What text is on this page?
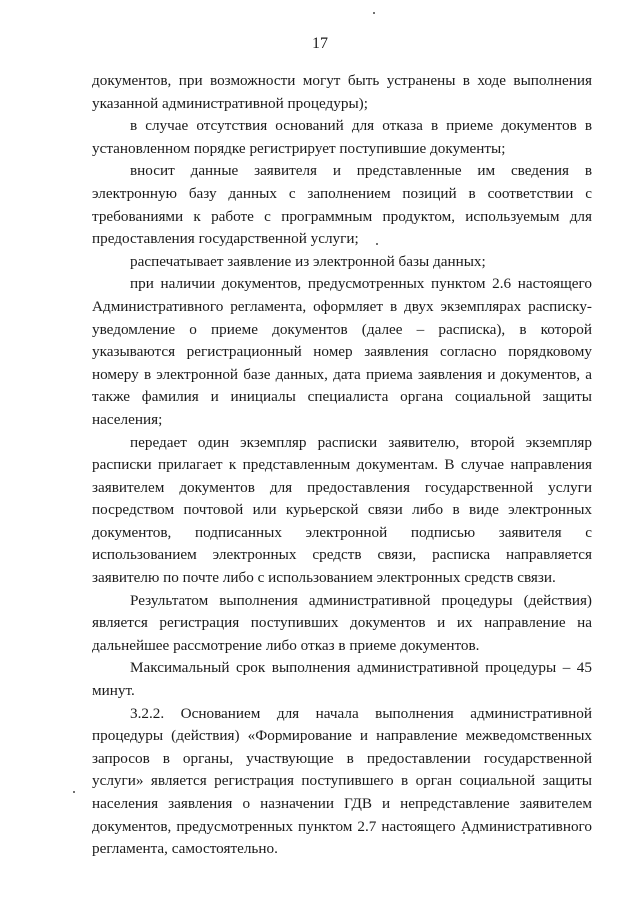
17

документов, при возможности могут быть устранены в ходе выполнения указанной административной процедуры);

в случае отсутствия оснований для отказа в приеме документов в установленном порядке регистрирует поступившие документы;

вносит данные заявителя и представленные им сведения в электронную базу данных с заполнением позиций в соответствии с требованиями к работе с программным продуктом, используемым для предоставления государственной услуги;

распечатывает заявление из электронной базы данных;

при наличии документов, предусмотренных пунктом 2.6 настоящего Административного регламента, оформляет в двух экземплярах расписку-уведомление о приеме документов (далее – расписка), в которой указываются регистрационный номер заявления согласно порядковому номеру в электронной базе данных, дата приема заявления и документов, а также фамилия и инициалы специалиста органа социальной защиты населения;

передает один экземпляр расписки заявителю, второй экземпляр расписки прилагает к представленным документам. В случае направления заявителем документов для предоставления государственной услуги посредством почтовой или курьерской связи либо в виде электронных документов, подписанных электронной подписью заявителя с использованием электронных средств связи, расписка направляется заявителю по почте либо с использованием электронных средств связи.

Результатом выполнения административной процедуры (действия) является регистрация поступивших документов и их направление на дальнейшее рассмотрение либо отказ в приеме документов.

Максимальный срок выполнения административной процедуры – 45 минут.

3.2.2. Основанием для начала выполнения административной процедуры (действия) «Формирование и направление межведомственных запросов в органы, участвующие в предоставлении государственной услуги» является регистрация поступившего в орган социальной защиты населения заявления о назначении ГДВ и непредставление заявителем документов, предусмотренных пунктом 2.7 настоящего Административного регламента, самостоятельно.
